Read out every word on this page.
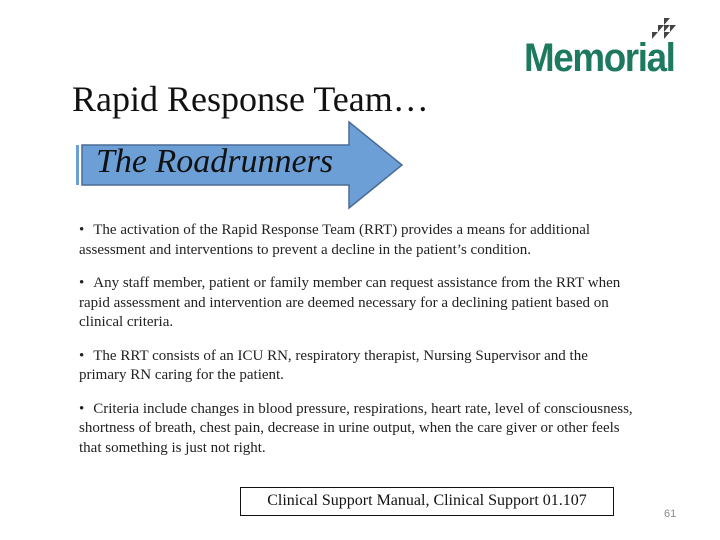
Memorial
Rapid Response Team…
The Roadrunners
• The activation of the Rapid Response Team (RRT) provides a means for additional assessment and interventions to prevent a decline in the patient’s condition.
• Any staff member, patient or family member can request assistance from the RRT when rapid assessment and intervention are deemed necessary for a declining patient based on clinical criteria.
• The RRT consists of an ICU RN, respiratory therapist, Nursing Supervisor and the primary RN caring for the patient.
• Criteria include changes in blood pressure, respirations, heart rate, level of consciousness, shortness of breath, chest pain, decrease in urine output, when the care giver or other feels that something is just not right.
Clinical Support Manual, Clinical Support 01.107
61
